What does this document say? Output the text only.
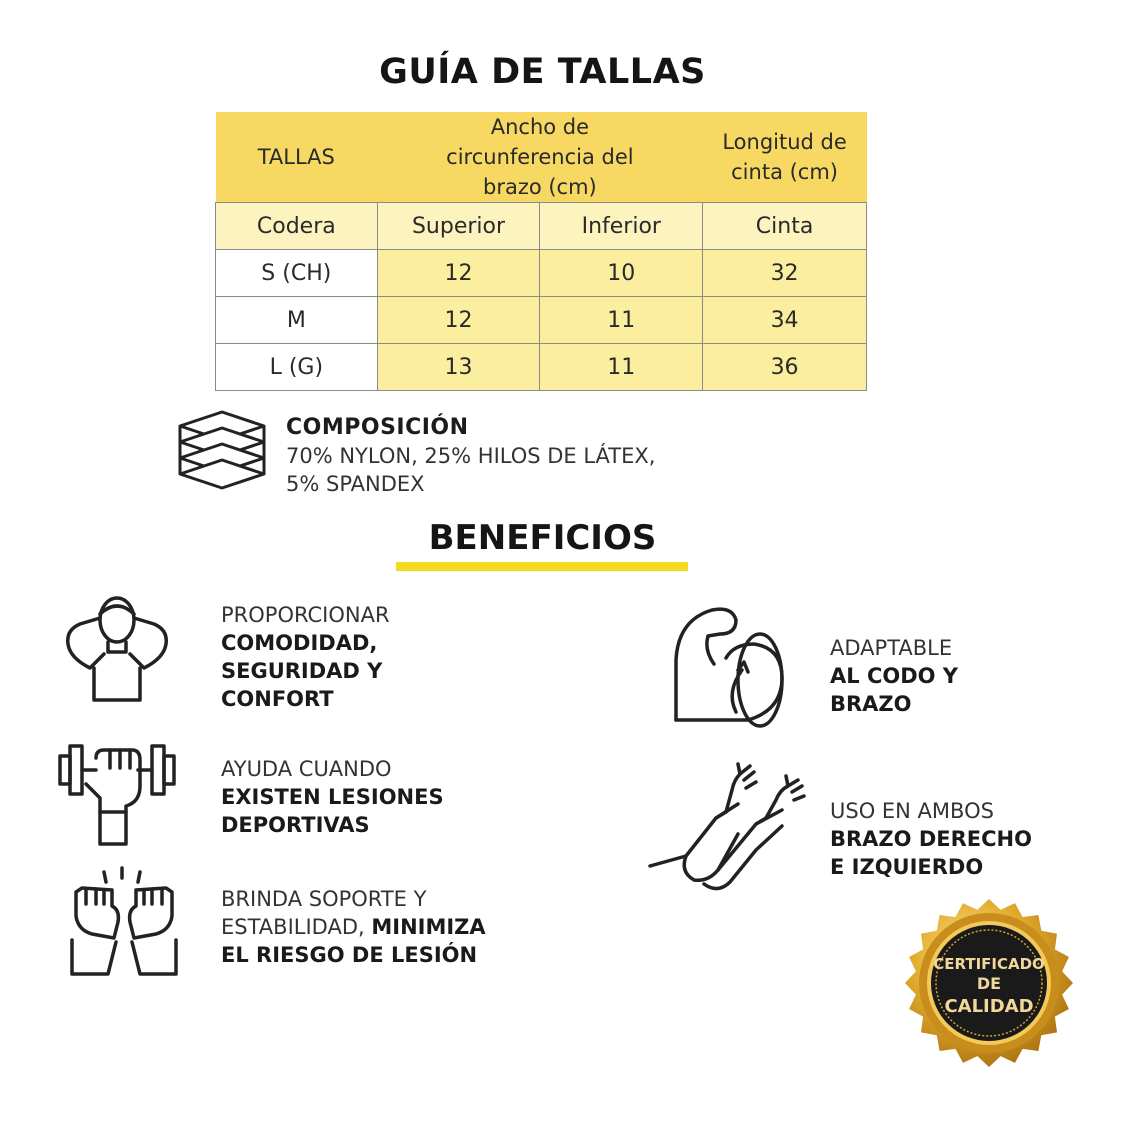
GUÍA DE TALLAS
TALLAS	Ancho de circunferencia del brazo (cm)		Longitud de cinta (cm)
Codera	Superior	Inferior	Cinta
S (CH)	12	10	32
M	12	11	34
L (G)	13	11	36
COMPOSICIÓN
70% NYLON, 25% HILOS DE LÁTEX,
5% SPANDEX
BENEFICIOS
PROPORCIONAR
COMODIDAD,
SEGURIDAD Y
CONFORT
AYUDA CUANDO
EXISTEN LESIONES
DEPORTIVAS
BRINDA SOPORTE Y
ESTABILIDAD, MINIMIZA
EL RIESGO DE LESIÓN
ADAPTABLE
AL CODO Y
BRAZO
USO EN AMBOS
BRAZO DERECHO
E IZQUIERDO
CERTIFICADO
DE
CALIDAD
